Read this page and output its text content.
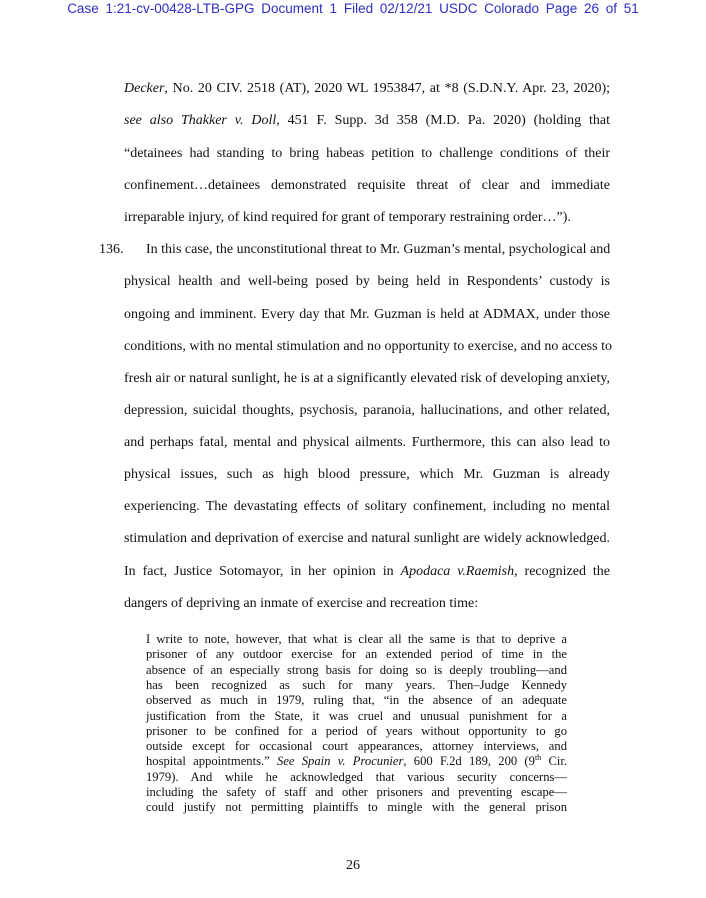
Case 1:21-cv-00428-LTB-GPG Document 1 Filed 02/12/21 USDC Colorado Page 26 of 51
Decker, No. 20 CIV. 2518 (AT), 2020 WL 1953847, at *8 (S.D.N.Y. Apr. 23, 2020);
see also Thakker v. Doll, 451 F. Supp. 3d 358 (M.D. Pa. 2020) (holding that
“detainees had standing to bring habeas petition to challenge conditions of their
confinement…detainees demonstrated requisite threat of clear and immediate
irreparable injury, of kind required for grant of temporary restraining order…”).
136. In this case, the unconstitutional threat to Mr. Guzman’s mental, psychological and
physical health and well-being posed by being held in Respondents’ custody is
ongoing and imminent. Every day that Mr. Guzman is held at ADMAX, under those
conditions, with no mental stimulation and no opportunity to exercise, and no access to
fresh air or natural sunlight, he is at a significantly elevated risk of developing anxiety,
depression, suicidal thoughts, psychosis, paranoia, hallucinations, and other related,
and perhaps fatal, mental and physical ailments. Furthermore, this can also lead to
physical issues, such as high blood pressure, which Mr. Guzman is already
experiencing. The devastating effects of solitary confinement, including no mental
stimulation and deprivation of exercise and natural sunlight are widely acknowledged.
In fact, Justice Sotomayor, in her opinion in Apodaca v.Raemish, recognized the
dangers of depriving an inmate of exercise and recreation time:
I write to note, however, that what is clear all the same is that to deprive a
prisoner of any outdoor exercise for an extended period of time in the
absence of an especially strong basis for doing so is deeply troubling—and
has been recognized as such for many years. Then–Judge Kennedy
observed as much in 1979, ruling that, “in the absence of an adequate
justification from the State, it was cruel and unusual punishment for a
prisoner to be confined for a period of years without opportunity to go
outside except for occasional court appearances, attorney interviews, and
hospital appointments.” See Spain v. Procunier, 600 F.2d 189, 200 (9th Cir.
1979). And while he acknowledged that various security concerns—
including the safety of staff and other prisoners and preventing escape—
could justify not permitting plaintiffs to mingle with the general prison
26
